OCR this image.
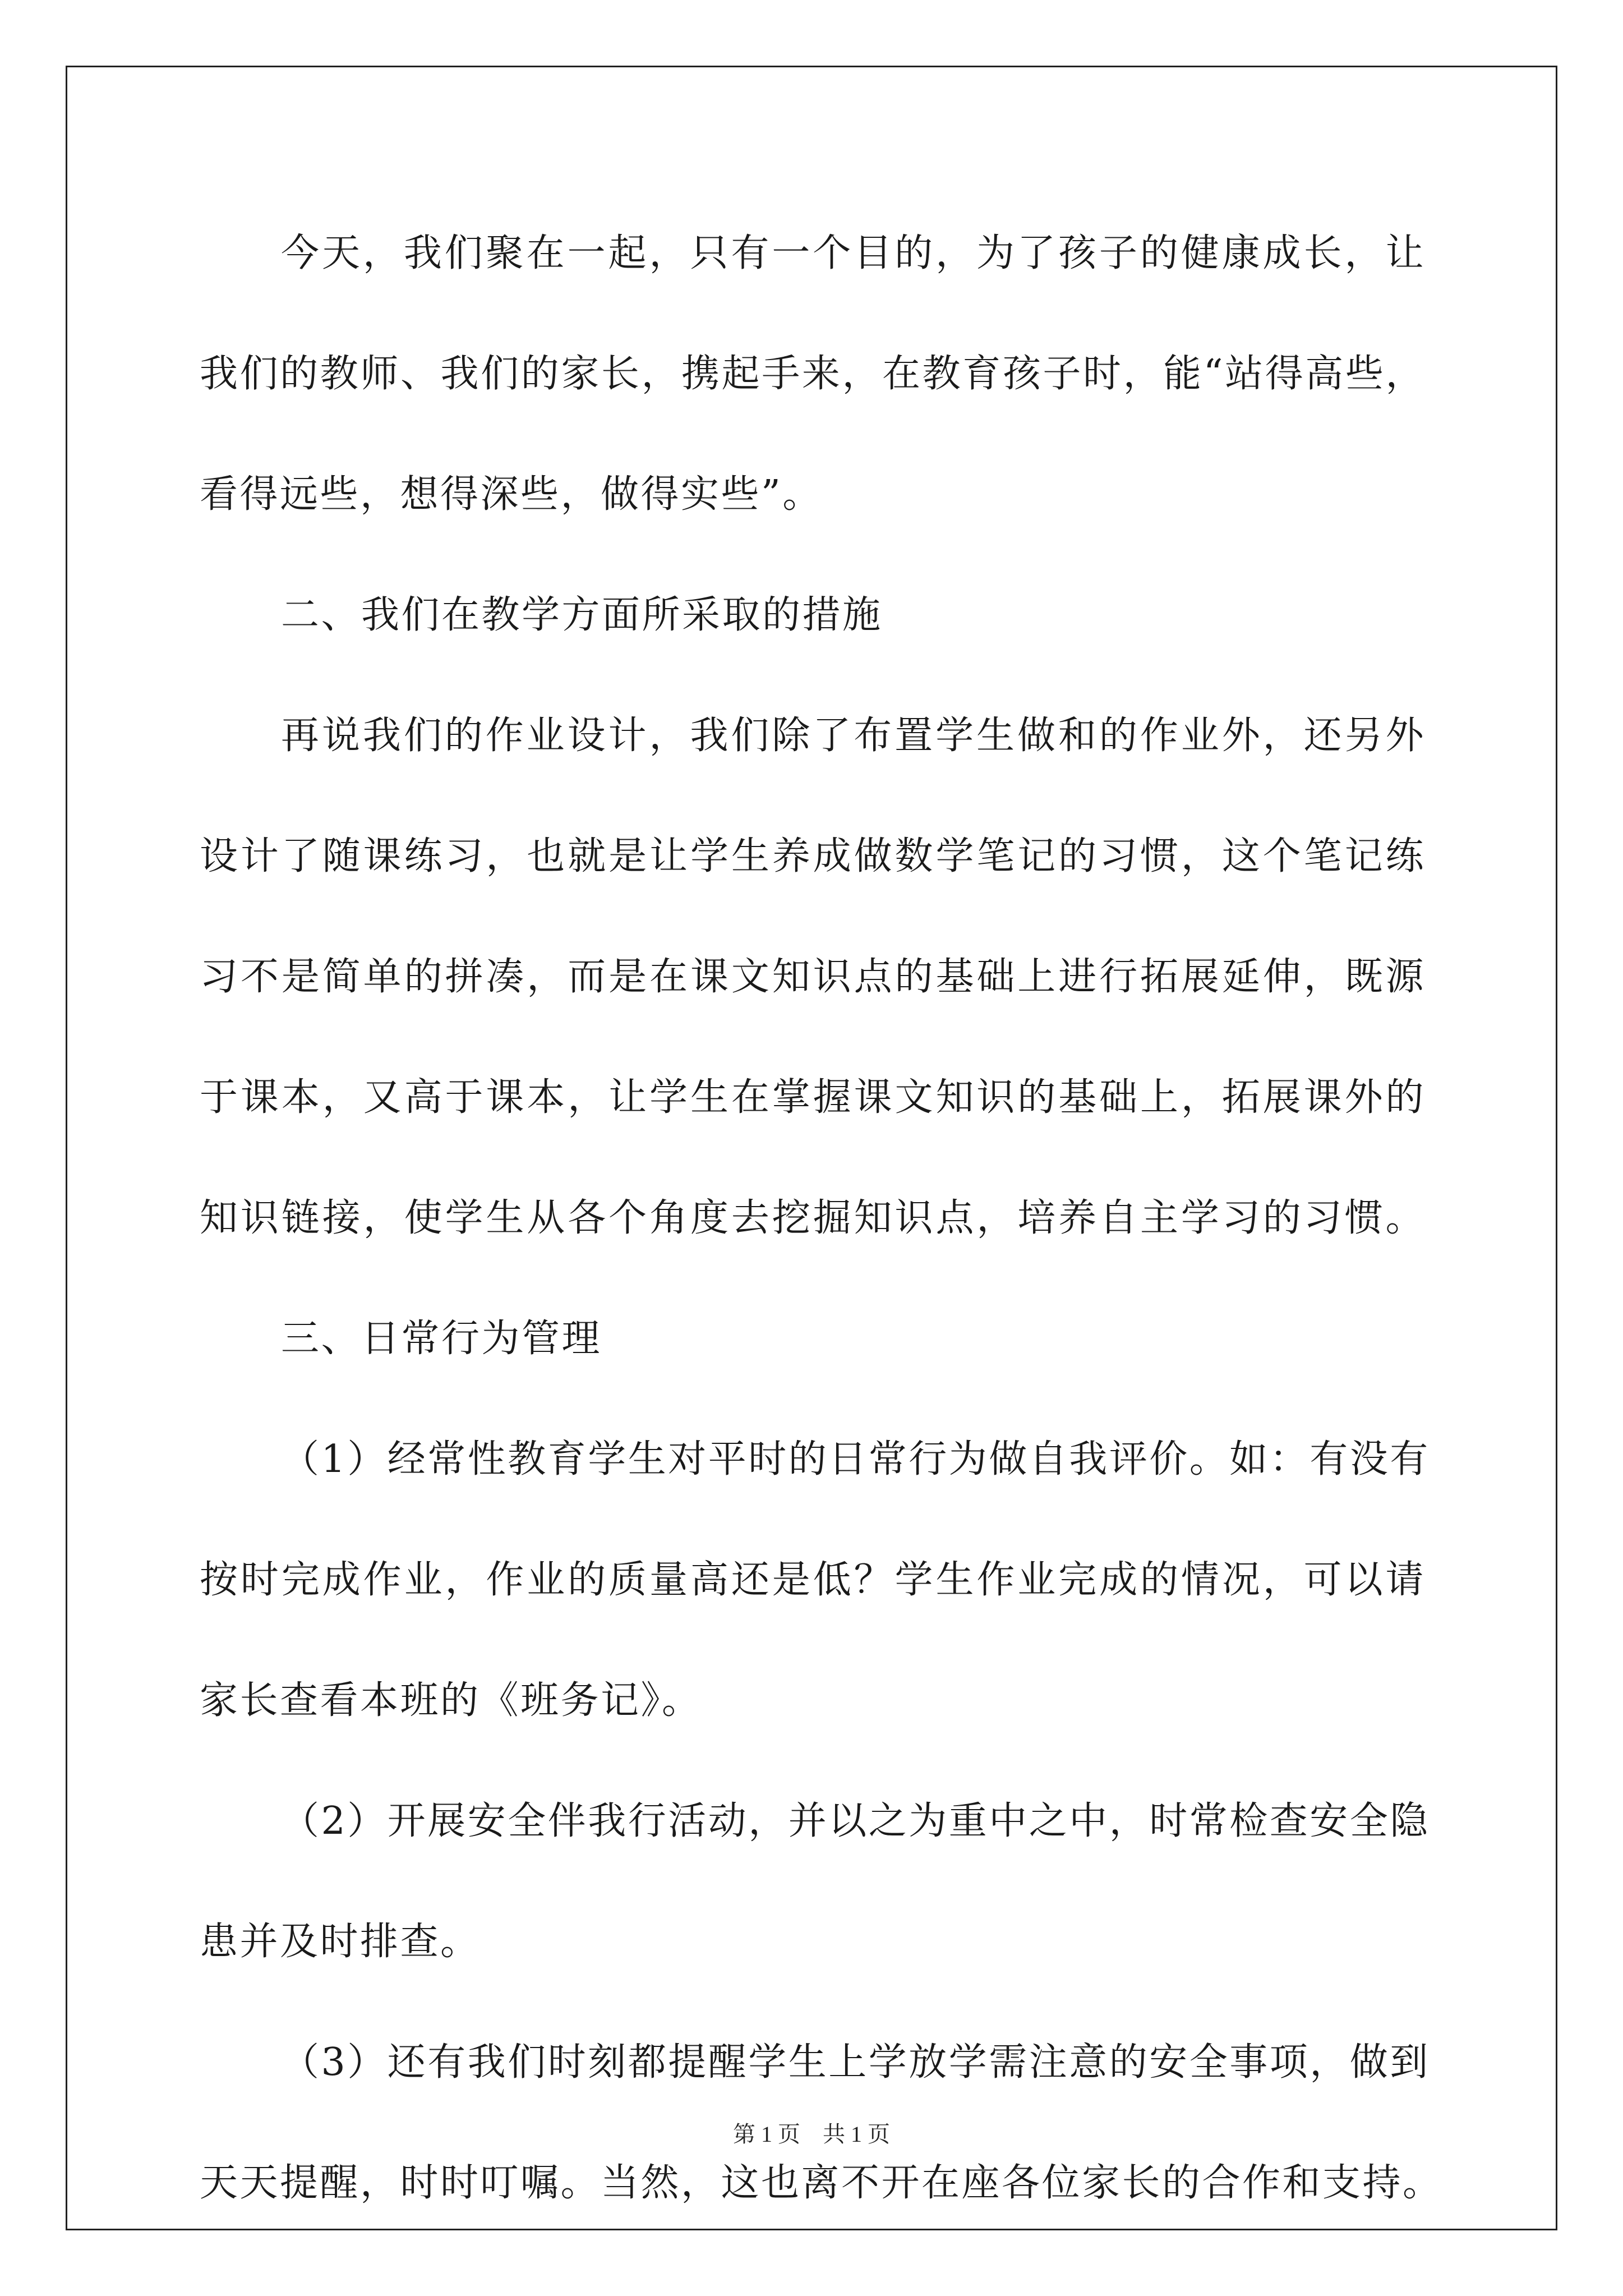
今天，我们聚在一起，只有一个目的，为了孩子的健康成长，让
我们的教师、我们的家长，携起手来，在教育孩子时，能“站得高些，
看得远些，想得深些，做得实些”。
二、我们在教学方面所采取的措施
再说我们的作业设计，我们除了布置学生做和的作业外，还另外
设计了随课练习，也就是让学生养成做数学笔记的习惯，这个笔记练
习不是简单的拼凑，而是在课文知识点的基础上进行拓展延伸，既源
于课本，又高于课本，让学生在掌握课文知识的基础上，拓展课外的
知识链接，使学生从各个角度去挖掘知识点，培养自主学习的习惯。
三、日常行为管理
（1）经常性教育学生对平时的日常行为做自我评价。如：有没有
按时完成作业，作业的质量高还是低？学生作业完成的情况，可以请
家长查看本班的《班务记》。
（2）开展安全伴我行活动，并以之为重中之中，时常检查安全隐
患并及时排查。
（3）还有我们时刻都提醒学生上学放学需注意的安全事项，做到
天天提醒，时时叮嘱。当然，这也离不开在座各位家长的合作和支持。
第 1 页 共 1 页
